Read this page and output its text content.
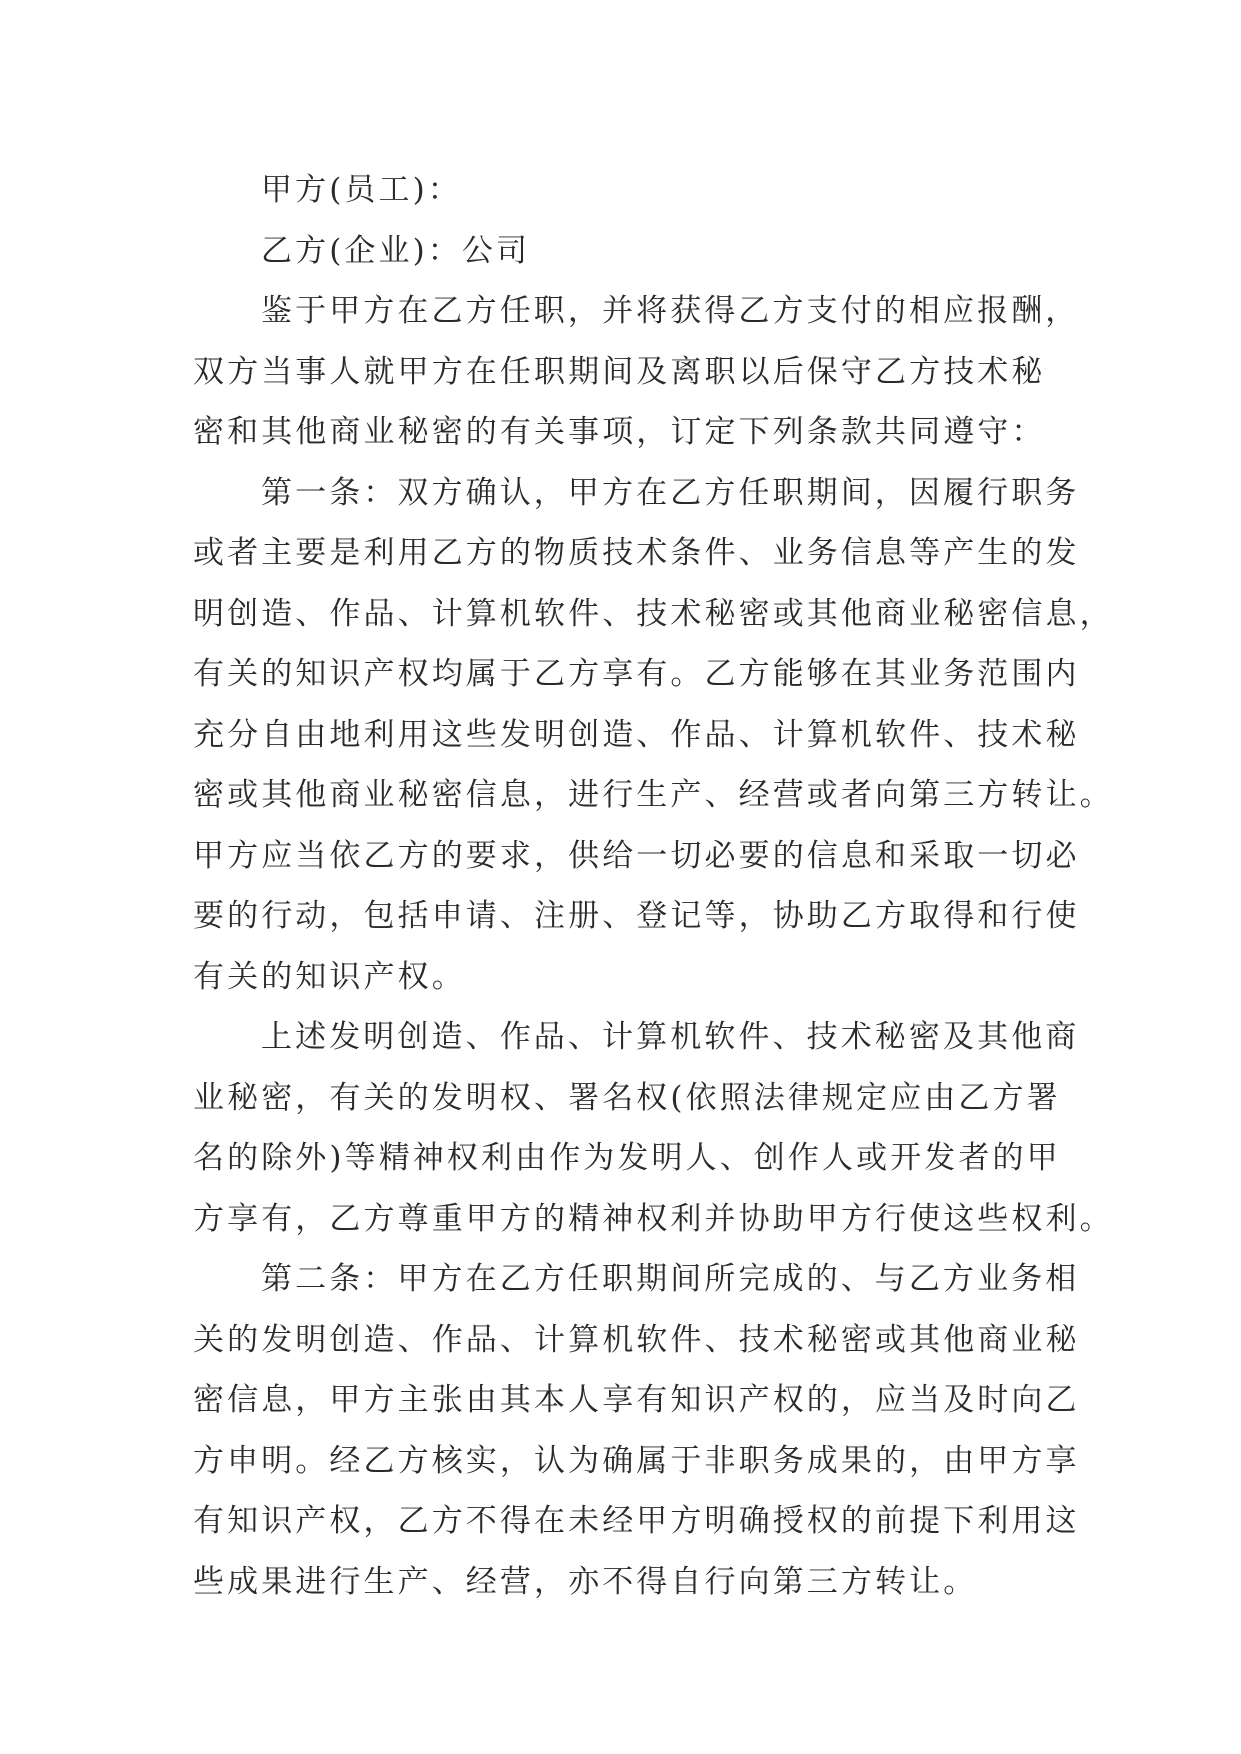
甲方(员工)：
乙方(企业)：公司
鉴于甲方在乙方任职，并将获得乙方支付的相应报酬，
双方当事人就甲方在任职期间及离职以后保守乙方技术秘
密和其他商业秘密的有关事项，订定下列条款共同遵守：
第一条：双方确认，甲方在乙方任职期间，因履行职务
或者主要是利用乙方的物质技术条件、业务信息等产生的发
明创造、作品、计算机软件、技术秘密或其他商业秘密信息，
有关的知识产权均属于乙方享有。乙方能够在其业务范围内
充分自由地利用这些发明创造、作品、计算机软件、技术秘
密或其他商业秘密信息，进行生产、经营或者向第三方转让。
甲方应当依乙方的要求，供给一切必要的信息和采取一切必
要的行动，包括申请、注册、登记等，协助乙方取得和行使
有关的知识产权。
上述发明创造、作品、计算机软件、技术秘密及其他商
业秘密，有关的发明权、署名权(依照法律规定应由乙方署
名的除外)等精神权利由作为发明人、创作人或开发者的甲
方享有，乙方尊重甲方的精神权利并协助甲方行使这些权利。
第二条：甲方在乙方任职期间所完成的、与乙方业务相
关的发明创造、作品、计算机软件、技术秘密或其他商业秘
密信息，甲方主张由其本人享有知识产权的，应当及时向乙
方申明。经乙方核实，认为确属于非职务成果的，由甲方享
有知识产权，乙方不得在未经甲方明确授权的前提下利用这
些成果进行生产、经营，亦不得自行向第三方转让。
